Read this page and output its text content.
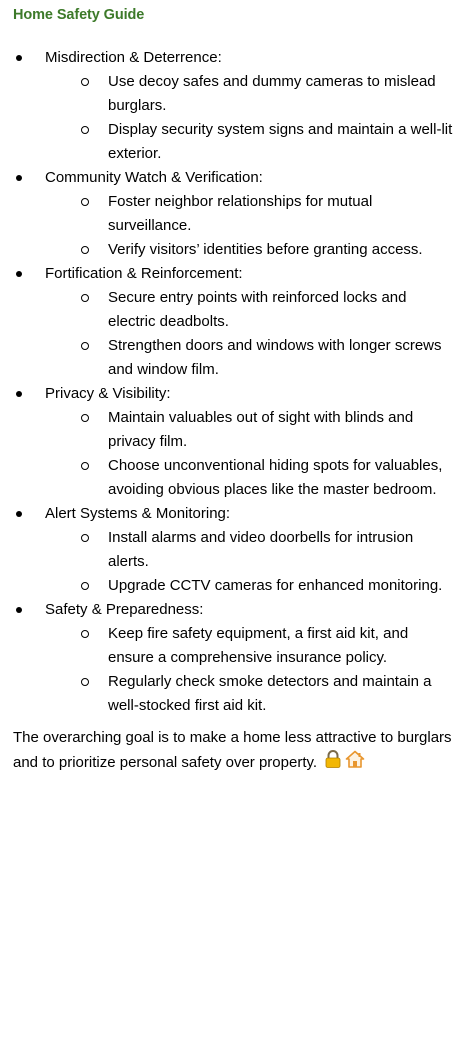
Home Safety Guide
Misdirection & Deterrence:
Use decoy safes and dummy cameras to mislead burglars.
Display security system signs and maintain a well-lit exterior.
Community Watch & Verification:
Foster neighbor relationships for mutual surveillance.
Verify visitors’ identities before granting access.
Fortification & Reinforcement:
Secure entry points with reinforced locks and electric deadbolts.
Strengthen doors and windows with longer screws and window film.
Privacy & Visibility:
Maintain valuables out of sight with blinds and privacy film.
Choose unconventional hiding spots for valuables, avoiding obvious places like the master bedroom.
Alert Systems & Monitoring:
Install alarms and video doorbells for intrusion alerts.
Upgrade CCTV cameras for enhanced monitoring.
Safety & Preparedness:
Keep fire safety equipment, a first aid kit, and ensure a comprehensive insurance policy.
Regularly check smoke detectors and maintain a well-stocked first aid kit.

The overarching goal is to make a home less attractive to burglars and to prioritize personal safety over property.
